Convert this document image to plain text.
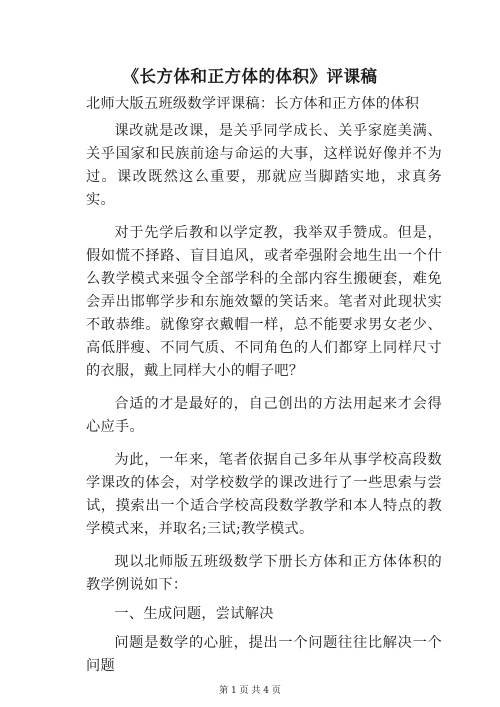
《长方体和正方体的体积》评课稿

北师大版五班级数学评课稿：长方体和正方体的体积

课改就是改课，是关乎同学成长、关乎家庭美满、关乎国家和民族前途与命运的大事，这样说好像并不为过。课改既然这么重要，那就应当脚踏实地，求真务实。

对于先学后教和以学定教，我举双手赞成。但是，假如慌不择路、盲目追风，或者牵强附会地生出一个什么教学模式来强令全部学科的全部内容生搬硬套，难免会弄出邯郸学步和东施效颦的笑话来。笔者对此现状实不敢恭维。就像穿衣戴帽一样，总不能要求男女老少、高低胖瘦、不同气质、不同角色的人们都穿上同样尺寸的衣服，戴上同样大小的帽子吧？

合适的才是最好的，自己创出的方法用起来才会得心应手。

为此，一年来，笔者依据自己多年从事学校高段数学课改的体会，对学校数学的课改进行了一些思索与尝试，摸索出一个适合学校高段数学教学和本人特点的教学模式来，并取名;三试;教学模式。

现以北师版五班级数学下册长方体和正方体体积的教学例说如下：

一、生成问题，尝试解决

问题是数学的心脏，提出一个问题往往比解决一个问题

第 1 页 共 4 页
